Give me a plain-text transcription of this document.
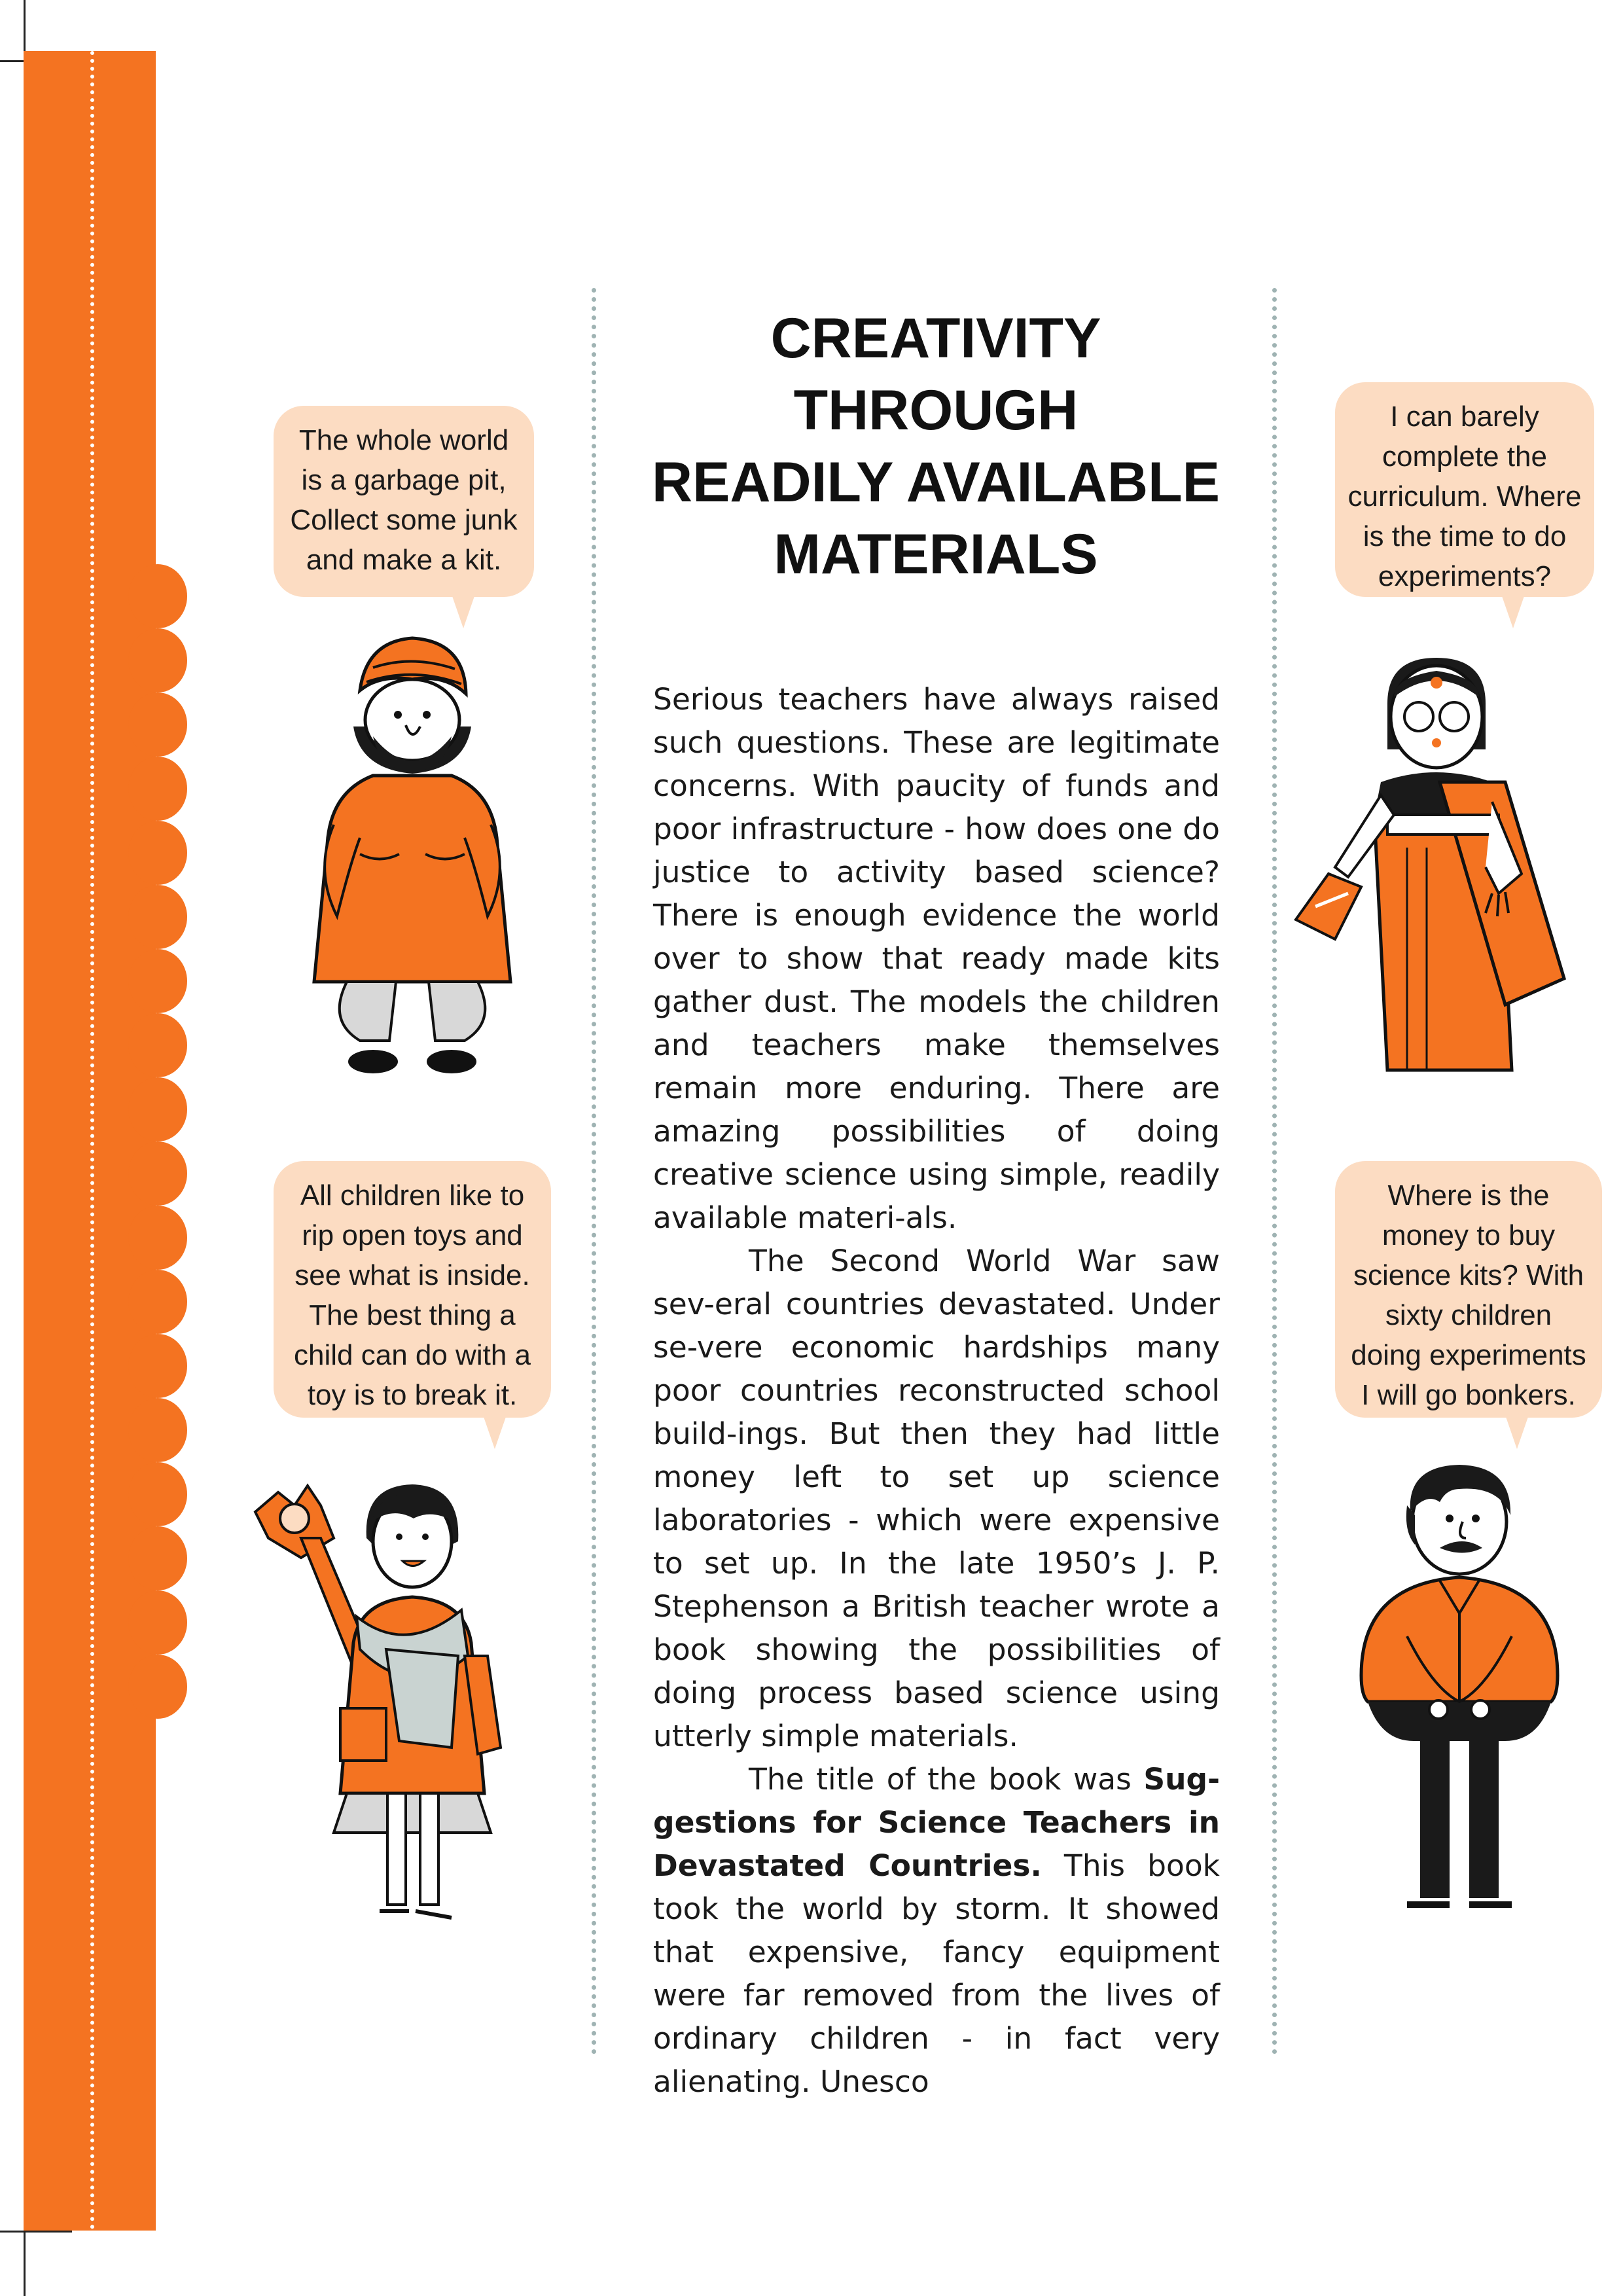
CREATIVITY
THROUGH
READILY AVAILABLE
MATERIALS

Serious teachers have always raised such questions. These are legitimate concerns. With paucity of funds and poor infrastructure - how does one do justice to activity based science? There is enough evidence the world over to show that ready made kits gather dust. The models the children and teachers make themselves remain more enduring. There are amazing possibilities of doing creative science using simple, readily available materi-als.

The Second World War saw sev-eral countries devastated. Under se-vere economic hardships many poor countries reconstructed school build-ings. But then they had little money left to set up science laboratories - which were expensive to set up. In the late 1950’s J. P. Stephenson a British teacher wrote a book showing the possibilities of doing process based science using utterly simple materials.

The title of the book was Sug-gestions for Science Teachers in Devastated Countries. This book took the world by storm. It showed that expensive, fancy equipment were far removed from the lives of ordinary children - in fact very alienating. Unesco

The whole world
is a garbage pit,
Collect some junk
and make a kit.
All children like to
rip open toys and
see what is inside.
The best thing a
child can do with a
toy is to break it.
I can barely
complete the
curriculum. Where
is the time to do
experiments?
Where is the
money to buy
science kits? With
sixty children
doing experiments
I will go bonkers.
